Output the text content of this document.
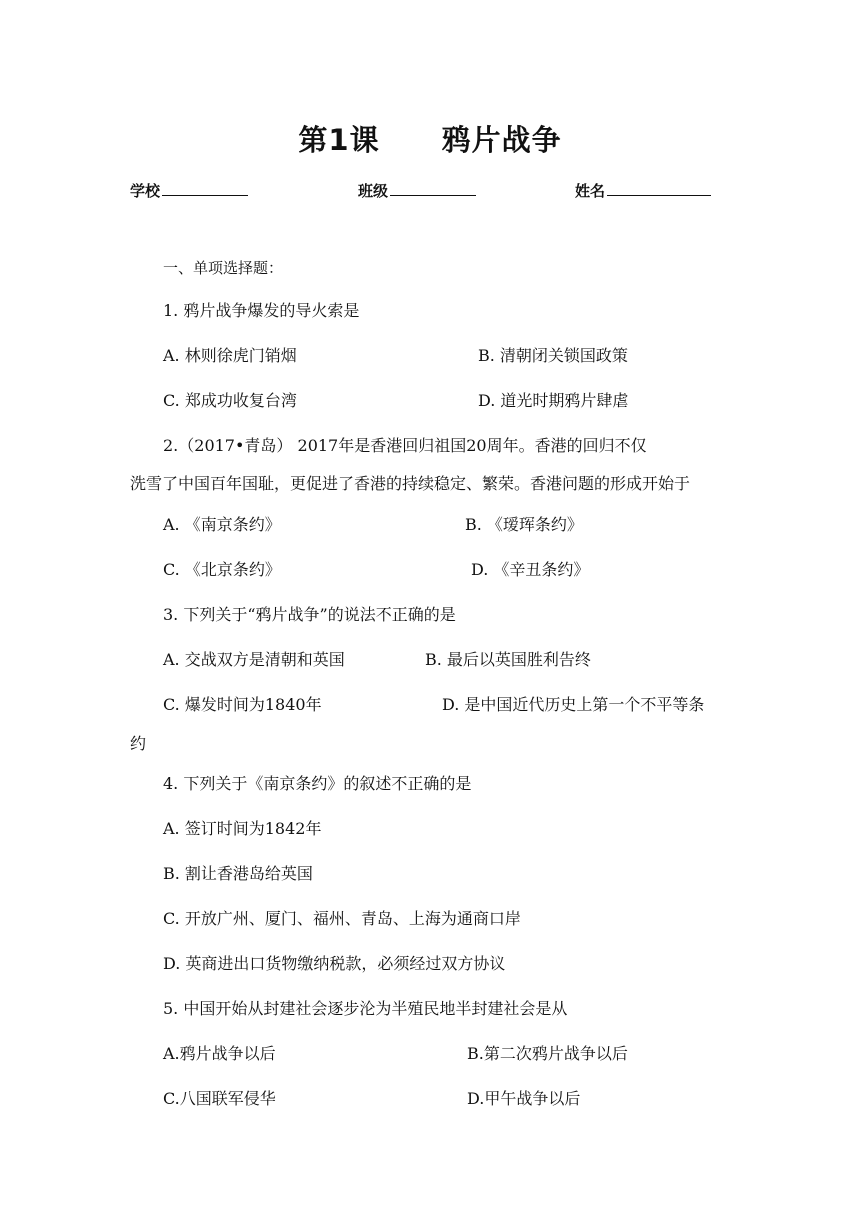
第1课 鸦片战争
学校	班级	姓名
一、单项选择题：
1. 鸦片战争爆发的导火索是
A. 林则徐虎门销烟	B. 清朝闭关锁国政策
C. 郑成功收复台湾	D. 道光时期鸦片肆虐
2.（2017•青岛） 2017年是香港回归祖国20周年。香港的回归不仅
洗雪了中国百年国耻，更促进了香港的持续稳定、繁荣。香港问题的形成开始于
A. 《南京条约》	B. 《瑷珲条约》
C. 《北京条约》	D. 《辛丑条约》
3. 下列关于“鸦片战争”的说法不正确的是
A. 交战双方是清朝和英国	B. 最后以英国胜利告终
C. 爆发时间为1840年	D. 是中国近代历史上第一个不平等条
约
4. 下列关于《南京条约》的叙述不正确的是
A. 签订时间为1842年
B. 割让香港岛给英国
C. 开放广州、厦门、福州、青岛、上海为通商口岸
D. 英商进出口货物缴纳税款，必须经过双方协议
5. 中国开始从封建社会逐步沦为半殖民地半封建社会是从
A.鸦片战争以后	B.第二次鸦片战争以后
C.八国联军侵华	D.甲午战争以后
